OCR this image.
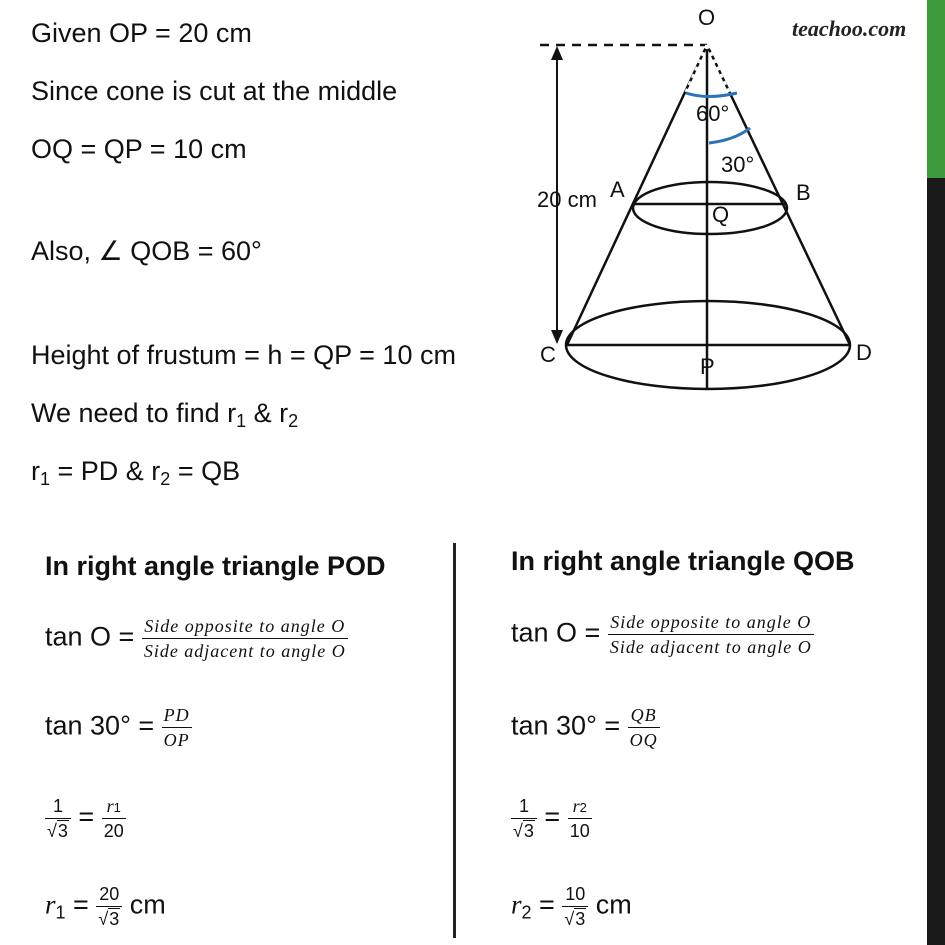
teachoo.com
Given OP = 20 cm
Since cone is cut at the middle
OQ = QP = 10 cm
Also, ∠ QOB = 60°
Height of frustum = h = QP = 10 cm
We need to find $r_1$ & $r_2$
$r_1$ = PD & $r_2$ = QB
O
A	B
Q
C	D
P
20 cm
60°
30°
In right angle triangle POD
$\tan O = \frac{\text{Side opposite to angle O}}{\text{Side adjacent to angle O}}$
$\tan 30^\circ = \frac{PD}{OP}$
$\frac{1}{√3} = \frac{r1}{20}$
$r_1 = \frac{20}{√3}$ cm
In right angle triangle QOB
$\tan O = \frac{\text{Side opposite to angle O}}{\text{Side adjacent to angle O}}$
$\tan 30^\circ = \frac{QB}{OQ}$
$\frac{1}{√3} = \frac{r2}{10}$
$r_2 = \frac{10}{√3}$ cm
